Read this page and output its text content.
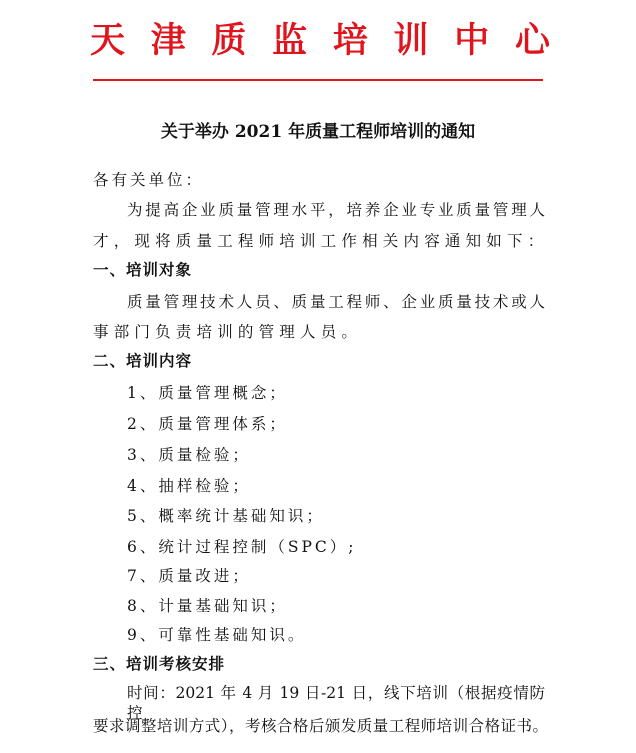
天津质监培训中心
关于举办 2021 年质量工程师培训的通知
各有关单位：
为提高企业质量管理水平，培养企业专业质量管理人
才，现将质量工程师培训工作相关内容通知如下：
一、培训对象
质量管理技术人员、质量工程师、企业质量技术或人
事部门负责培训的管理人员。
二、培训内容
1、质量管理概念；
2、质量管理体系；
3、质量检验；
4、抽样检验；
5、概率统计基础知识；
6、统计过程控制（SPC）;
7、质量改进；
8、计量基础知识；
9、可靠性基础知识。
三、培训考核安排
时间：2021 年 4 月 19 日-21 日，线下培训（根据疫情防控
要求调整培训方式），考核合格后颁发质量工程师培训合格证书。
